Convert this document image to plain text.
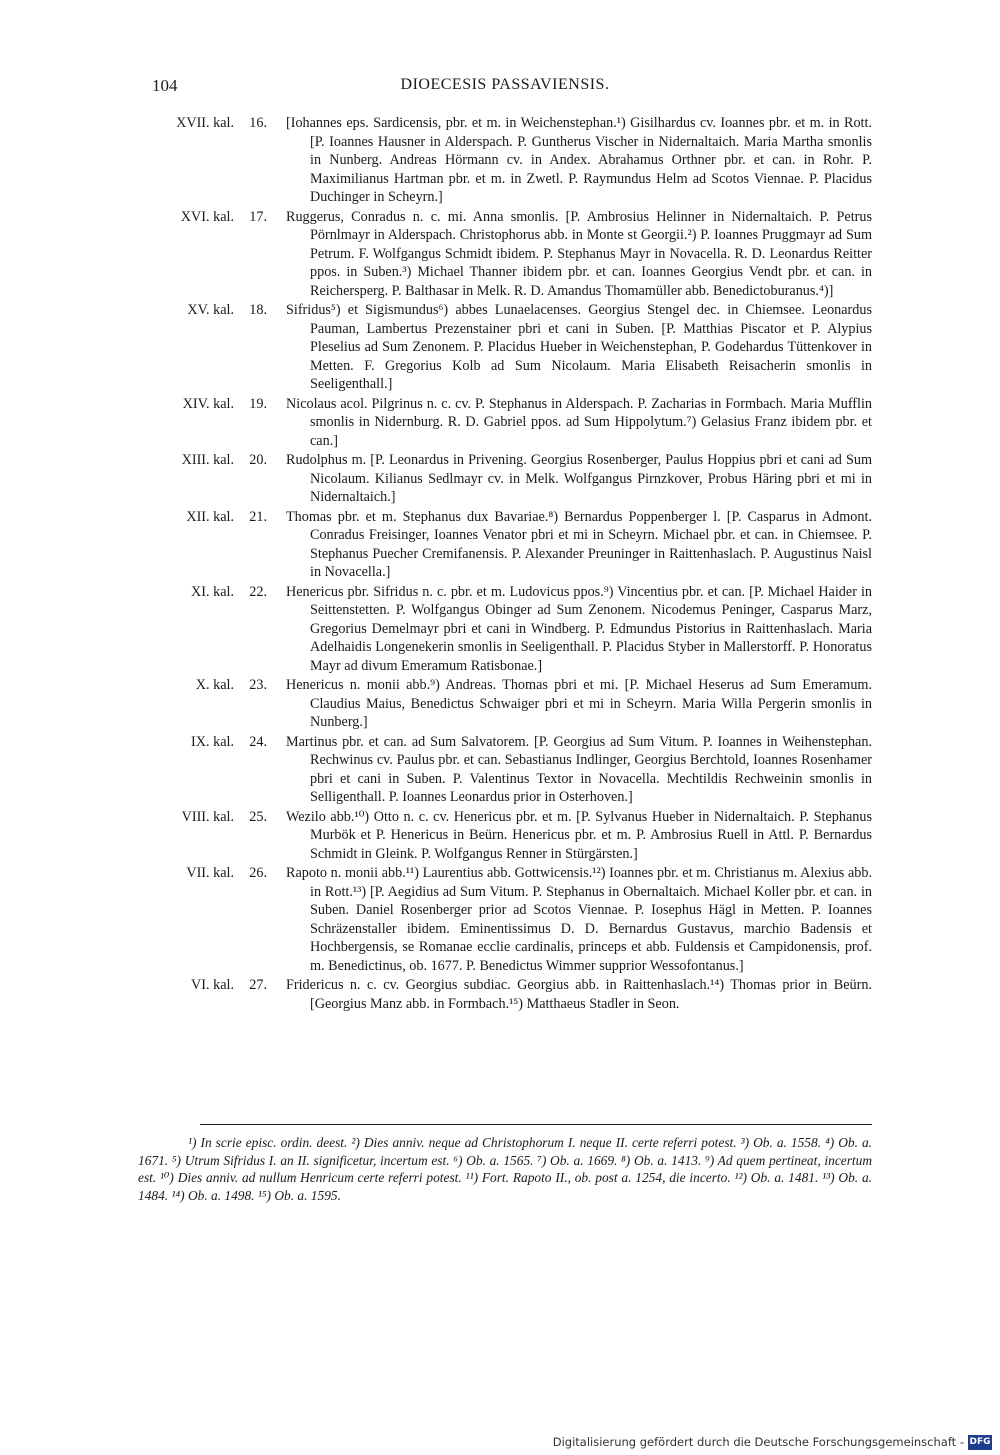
104	DIOECESIS PASSAVIENSIS.
XVII. kal.	16. [Iohannes eps. Sardicensis, pbr. et m. in Weichenstephan.¹) Gisilhardus cv. Ioannes pbr. et m. in Rott. [P. Ioannes Hausner in Alderspach. P. Guntherus Vischer in Nidernaltaich. Maria Martha smonlis in Nunberg. Andreas Hörmann cv. in Andex. Abrahamus Orthner pbr. et can. in Rohr. P. Maximilianus Hartman pbr. et m. in Zwetl. P. Raymundus Helm ad Scotos Viennae. P. Placidus Duchinger in Scheyrn.]
XVI. kal.	17. Ruggerus, Conradus n. c. mi. Anna smonlis. [P. Ambrosius Helinner in Nidernaltaich. P. Petrus Pörnlmayr in Alderspach. Christophorus abb. in Monte st Georgii.²) P. Ioannes Pruggmayr ad Sum Petrum. F. Wolfgangus Schmidt ibidem. P. Stephanus Mayr in Novacella. R. D. Leonardus Reitter ppos. in Suben.³) Michael Thanner ibidem pbr. et can. Ioannes Georgius Vendt pbr. et can. in Reichersperg. P. Balthasar in Melk. R. D. Amandus Thomamüller abb. Benedictoburanus.⁴)]
XV. kal.	18. Sifridus⁵) et Sigismundus⁶) abbes Lunaelacenses. Georgius Stengel dec. in Chiemsee. Leonardus Pauman, Lambertus Prezenstainer pbri et cani in Suben. [P. Matthias Piscator et P. Alypius Pleselius ad Sum Zenonem. P. Placidus Hueber in Weichenstephan, P. Godehardus Tüttenkover in Metten. F. Gregorius Kolb ad Sum Nicolaum. Maria Elisabeth Reisacherin smonlis in Seeligenthall.]
XIV. kal.	19. Nicolaus acol. Pilgrinus n. c. cv. P. Stephanus in Alderspach. P. Zacharias in Formbach. Maria Mufflin smonlis in Nidernburg. R. D. Gabriel ppos. ad Sum Hippolytum.⁷) Gelasius Franz ibidem pbr. et can.]
XIII. kal.	20. Rudolphus m. [P. Leonardus in Privening. Georgius Rosenberger, Paulus Hoppius pbri et cani ad Sum Nicolaum. Kilianus Sedlmayr cv. in Melk. Wolfgangus Pirnzkover, Probus Häring pbri et mi in Nidernaltaich.]
XII. kal.	21. Thomas pbr. et m. Stephanus dux Bavariae.⁸) Bernardus Poppenberger l. [P. Casparus in Admont. Conradus Freisinger, Ioannes Venator pbri et mi in Scheyrn. Michael pbr. et can. in Chiemsee. P. Stephanus Puecher Cremifanensis. P. Alexander Preuninger in Raittenhaslach. P. Augustinus Naisl in Novacella.]
XI. kal.	22. Henericus pbr. Sifridus n. c. pbr. et m. Ludovicus ppos.⁹) Vincentius pbr. et can. [P. Michael Haider in Seittenstetten. P. Wolfgangus Obinger ad Sum Zenonem. Nicodemus Peninger, Casparus Marz, Gregorius Demelmayr pbri et cani in Windberg. P. Edmundus Pistorius in Raittenhaslach. Maria Adelhaidis Longenekerin smonlis in Seeligenthall. P. Placidus Styber in Mallerstorff. P. Honoratus Mayr ad divum Emeramum Ratisbonae.]
X. kal.	23. Henericus n. monii abb.⁹) Andreas. Thomas pbri et mi. [P. Michael Heserus ad Sum Emeramum. Claudius Maius, Benedictus Schwaiger pbri et mi in Scheyrn. Maria Willa Pergerin smonlis in Nunberg.]
IX. kal.	24. Martinus pbr. et can. ad Sum Salvatorem. [P. Georgius ad Sum Vitum. P. Ioannes in Weihenstephan. Rechwinus cv. Paulus pbr. et can. Sebastianus Indlinger, Georgius Berchtold, Ioannes Rosenhamer pbri et cani in Suben. P. Valentinus Textor in Novacella. Mechtildis Rechweinin smonlis in Selligenthall. P. Ioannes Leonardus prior in Osterhoven.]
VIII. kal.	25. Wezilo abb.¹⁰) Otto n. c. cv. Henericus pbr. et m. [P. Sylvanus Hueber in Nidernaltaich. P. Stephanus Murbök et P. Henericus in Beürn. Henericus pbr. et m. P. Ambrosius Ruell in Attl. P. Bernardus Schmidt in Gleink. P. Wolfgangus Renner in Stürgärsten.]
VII. kal.	26. Rapoto n. monii abb.¹¹) Laurentius abb. Gottwicensis.¹²) Ioannes pbr. et m. Christianus m. Alexius abb. in Rott.¹³) [P. Aegidius ad Sum Vitum. P. Stephanus in Obernaltaich. Michael Koller pbr. et can. in Suben. Daniel Rosenberger prior ad Scotos Viennae. P. Iosephus Hägl in Metten. P. Ioannes Schräzenstaller ibidem. Eminentissimus D. D. Bernardus Gustavus, marchio Badensis et Hochbergensis, se Romanae ecclie cardinalis, princeps et abb. Fuldensis et Campidonensis, prof. m. Benedictinus, ob. 1677. P. Benedictus Wimmer supprior Wessofontanus.]
VI. kal.	27. Fridericus n. c. cv. Georgius subdiac. Georgius abb. in Raittenhaslach.¹⁴) Thomas prior in Beürn. [Georgius Manz abb. in Formbach.¹⁵) Matthaeus Stadler in Seon.
¹) In scrie episc. ordin. deest. ²) Dies anniv. neque ad Christophorum I. neque II. certe referri potest. ³) Ob. a. 1558. ⁴) Ob. a. 1671. ⁵) Utrum Sifridus I. an II. significetur, incertum est. ⁶) Ob. a. 1565. ⁷) Ob. a. 1669. ⁸) Ob. a. 1413. ⁹) Ad quem pertineat, incertum est. ¹⁰) Dies anniv. ad nullum Henricum certe referri potest. ¹¹) Fort. Rapoto II., ob. post a. 1254, die incerto. ¹²) Ob. a. 1481. ¹³) Ob. a. 1484. ¹⁴) Ob. a. 1498. ¹⁵) Ob. a. 1595.
Digitalisierung gefördert durch die Deutsche Forschungsgemeinschaft - DFG
